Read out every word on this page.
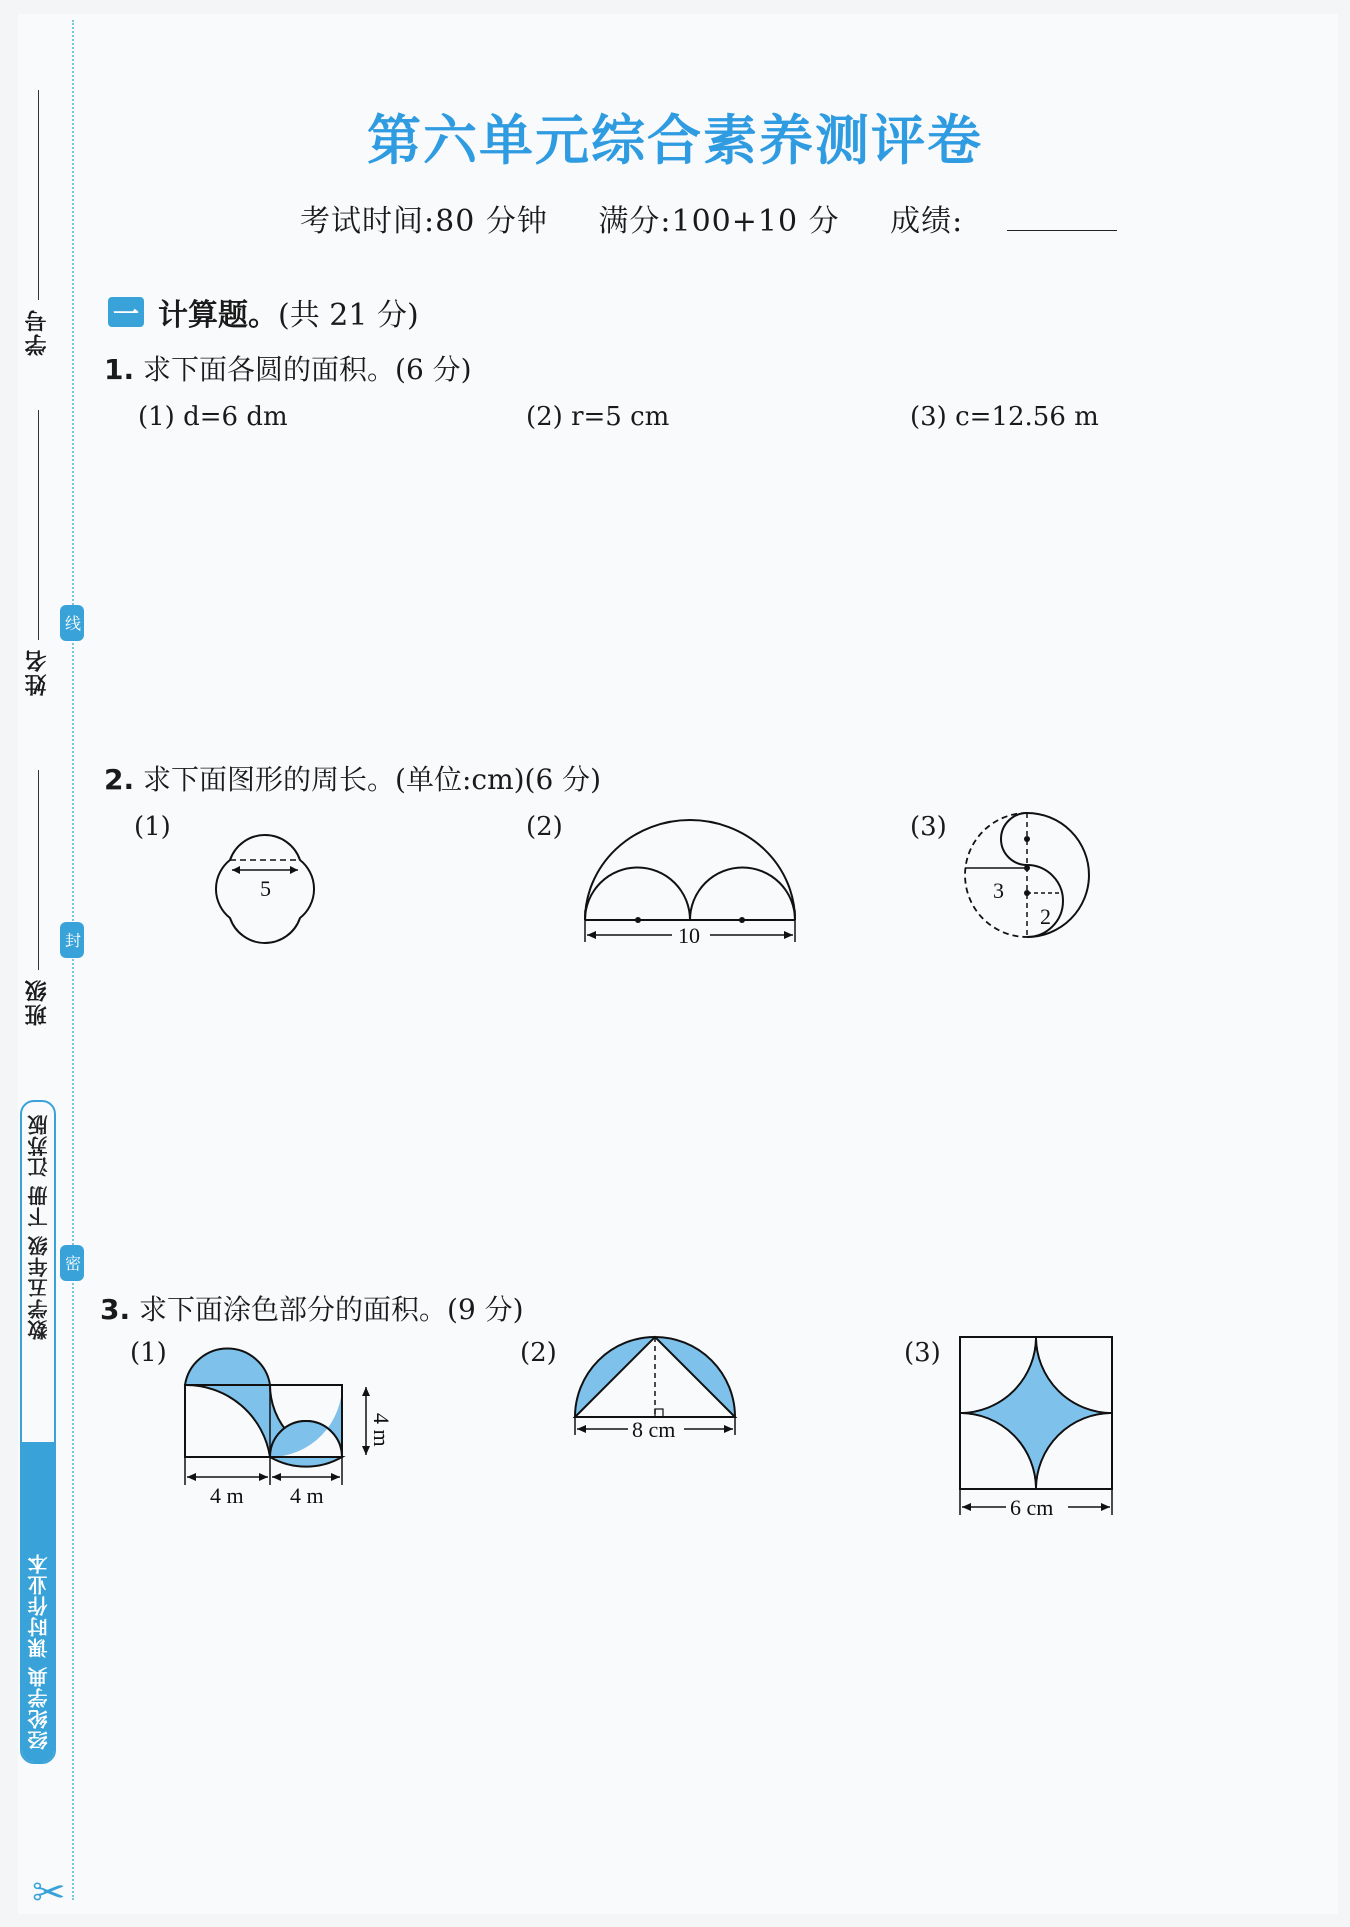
学号
姓名
班级
线
封
密
数学五年级 下册 江苏版
经纶学典 课时作业本
✂
第六单元综合素养测评卷
考试时间:80 分钟 满分:100+10 分 成绩:
一 计算题。 (共 21 分)
1. 求下面各圆的面积。(6 分)
(1) d=6 dm	(2) r=5 cm	(3) c=12.56 m
2. 求下面图形的周长。(单位:cm)(6 分)
(1)	(2)	(3)
5
10
3
2
3. 求下面涂色部分的面积。(9 分)
(1)	(2)	(3)
4 m 4 m
4 m	8 cm
6 cm
